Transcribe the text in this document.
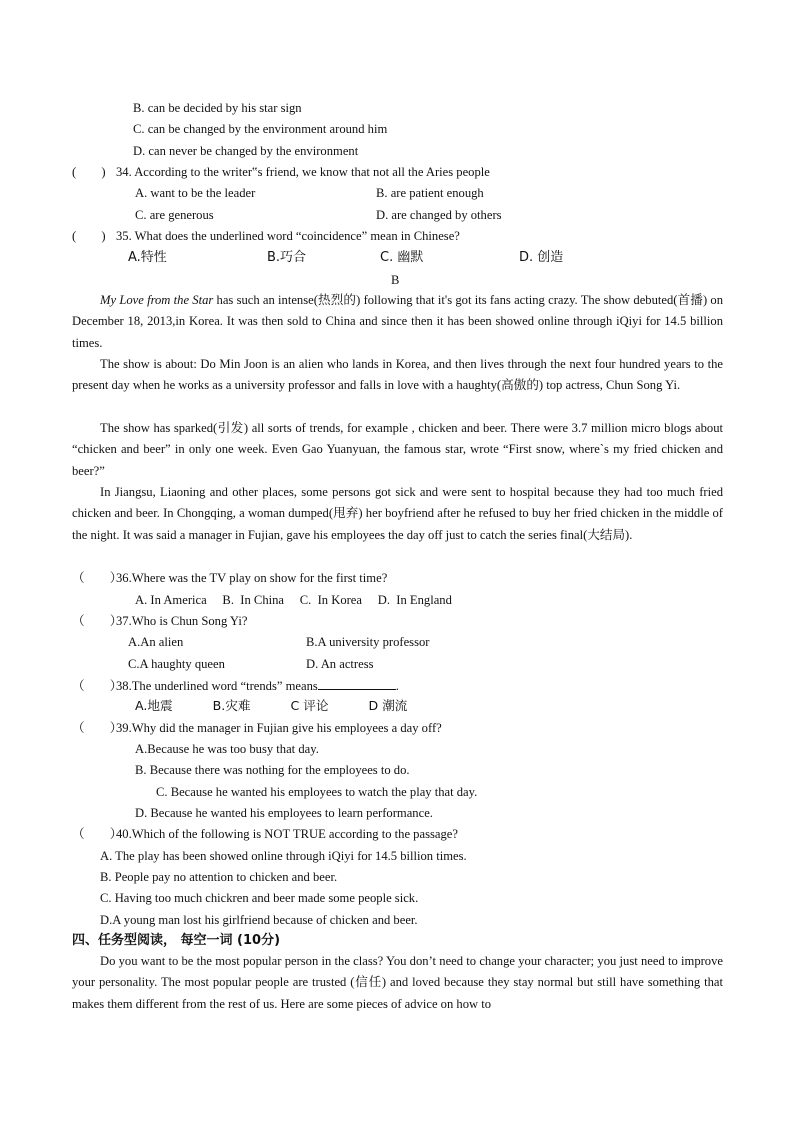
B. can be decided by his star sign
C. can be changed by the environment around him
D. can never be changed by the environment
(　　) 34. According to the writer‟s friend, we know that not all the Aries people
A. want to be the leader	B. are patient enough
C. are generous	D. are changed by others
(　　) 35. What does the underlined word “coincidence” mean in Chinese?
A.特性	B.巧合	C. 幽默	D. 创造
B
My Love from the Star has such an intense(热烈的) following that it's got its fans acting crazy. The show debuted(首播) on December 18, 2013,in Korea. It was then sold to China and since then it has been showed online through iQiyi for 14.5 billion times.
The show is about: Do Min Joon is an alien who lands in Korea, and then lives through the next four hundred years to the present day when he works as a university professor and falls in love with a haughty(高傲的) top actress, Chun Song Yi.
The show has sparked(引发) all sorts of trends, for example , chicken and beer. There were 3.7 million micro blogs about “chicken and beer” in only one week. Even Gao Yuanyuan, the famous star, wrote “First snow, where`s my fried chicken and beer?”
In Jiangsu, Liaoning and other places, some persons got sick and were sent to hospital because they had too much fried chicken and beer. In Chongqing, a woman dumped(甩弃) her boyfriend after he refused to buy her fried chicken in the middle of the night. It was said a manager in Fujian, gave his employees the day off just to catch the series final(大结局).
（　　）36.Where was the TV play on show for the first time?
A. In America     B.  In China     C.  In Korea     D.  In England
（　　）37.Who is Chun Song Yi?
A.An alien	B.A university professor
C.A haughty queen	D. An actress
（　　）38.The underlined word “trends” means	.
A.地震          B.灾难          C 评论          D 潮流
（　　）39.Why did the manager in Fujian give his employees a day off?
A.Because he was too busy that day.
B. Because there was nothing for the employees to do.
C. Because he wanted his employees to watch the play that day.
D. Because he wanted his employees to learn performance.
（　　）40.Which of the following is NOT TRUE according to the passage?
A. The play has been showed online through iQiyi for 14.5 billion times.
B. People pay no attention to chicken and beer.
C. Having too much chickren and beer made some people sick.
D.A young man lost his girlfriend because of chicken and beer.
四、任务型阅读， 每空一词 (10分)
Do you want to be the most popular person in the class? You don’t need to change your character; you just need to improve your personality. The most popular people are trusted (信任) and loved because they stay normal but still have something that makes them different from the rest of us. Here are some pieces of advice on how to
